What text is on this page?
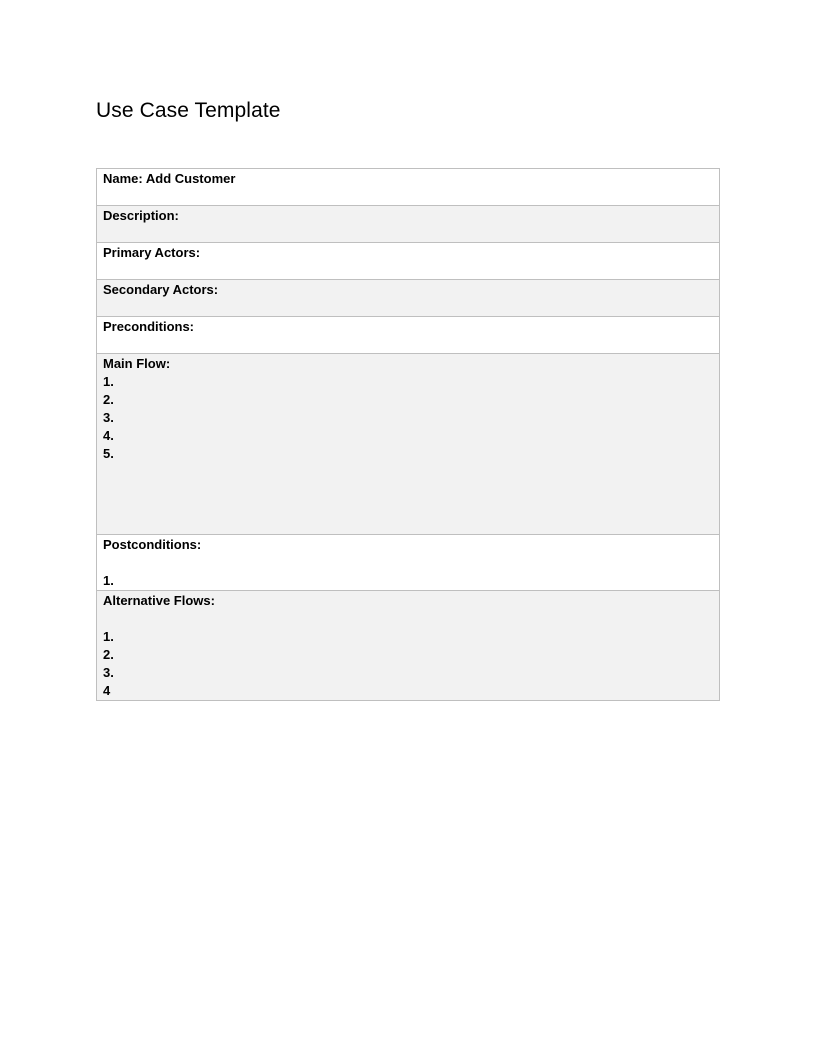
Use Case Template
Name: Add Customer

Description:

Primary Actors:

Secondary Actors:

Preconditions:

Main Flow:
1.
2.
3.
4.
5.

Postconditions:
1.

Alternative Flows:
1.
2.
3.
4
